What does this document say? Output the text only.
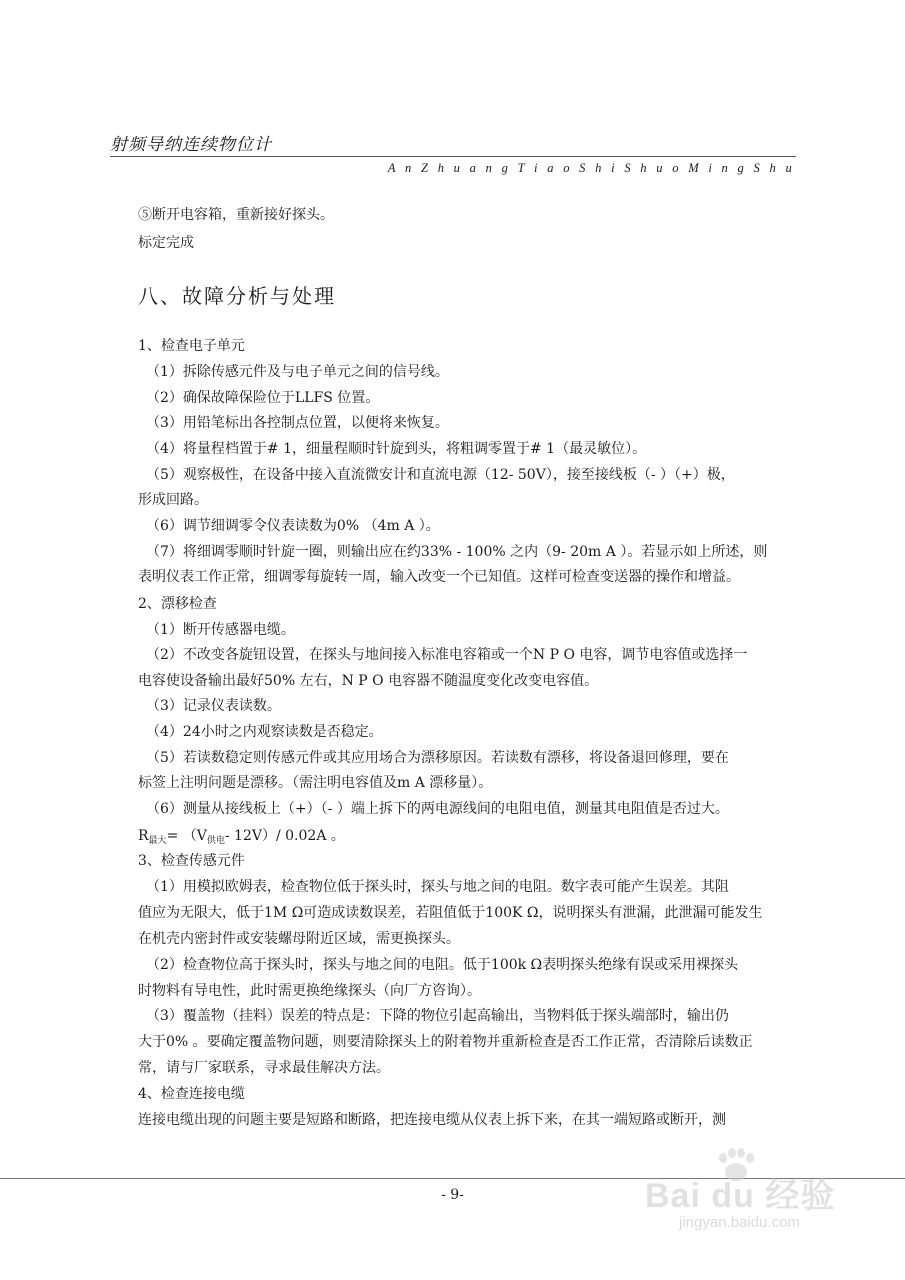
射频导纳连续物位计
A n Z h u a n g T i a o S h i S h u o M i n g S h u
⑤断开电容箱，重新接好探头。
标定完成
八、故障分析与处理
1、检查电子单元
（1）拆除传感元件及与电子单元之间的信号线。
（2）确保故障保险位于LLFS 位置。
（3）用铅笔标出各控制点位置，以便将来恢复。
（4）将量程档置于# 1，细量程顺时针旋到头，将粗调零置于# 1（最灵敏位）。
（5）观察极性，在设备中接入直流微安计和直流电源（12- 50V），接至接线板（- ）（+）极，
形成回路。
（6）调节细调零令仪表读数为0% （4m A ）。
（7）将细调零顺时针旋一圈，则输出应在约33% - 100% 之内（9- 20m A ）。若显示如上所述，则
表明仪表工作正常，细调零每旋转一周，输入改变一个已知值。这样可检查变送器的操作和增益。
2、漂移检查
（1）断开传感器电缆。
（2）不改变各旋钮设置，在探头与地间接入标准电容箱或一个N P O 电容，调节电容值或选择一
电容使设备输出最好50% 左右，N P O 电容器不随温度变化改变电容值。
（3）记录仪表读数。
（4）24小时之内观察读数是否稳定。
（5）若读数稳定则传感元件或其应用场合为漂移原因。若读数有漂移，将设备退回修理，要在
标签上注明问题是漂移。（需注明电容值及m A 漂移量）。
（6）测量从接线板上（+）（- ）端上拆下的两电源线间的电阻电值，测量其电阻值是否过大。
$R_{最大}= (V_{供电}-$ 12V）/ 0.02A 。
3、检查传感元件
（1）用模拟欧姆表，检查物位低于探头时，探头与地之间的电阻。数字表可能产生误差。其阻
值应为无限大，低于1M Ω可造成读数误差，若阻值低于100K Ω，说明探头有泄漏，此泄漏可能发生
在机壳内密封件或安装螺母附近区域，需更换探头。
（2）检查物位高于探头时，探头与地之间的电阻。低于100k Ω表明探头绝缘有误或采用裸探头
时物料有导电性，此时需更换绝缘探头（向厂方咨询）。
（3）覆盖物（挂料）误差的特点是：下降的物位引起高输出，当物料低于探头端部时，输出仍
大于0% 。要确定覆盖物问题，则要清除探头上的附着物并重新检查是否工作正常，否清除后读数正
常，请与厂家联系，寻求最佳解决方法。
4、检查连接电缆
连接电缆出现的问题主要是短路和断路，把连接电缆从仪表上拆下来，在其一端短路或断开，测
- 9-	Bai du 经验
jingyan.baidu.com
